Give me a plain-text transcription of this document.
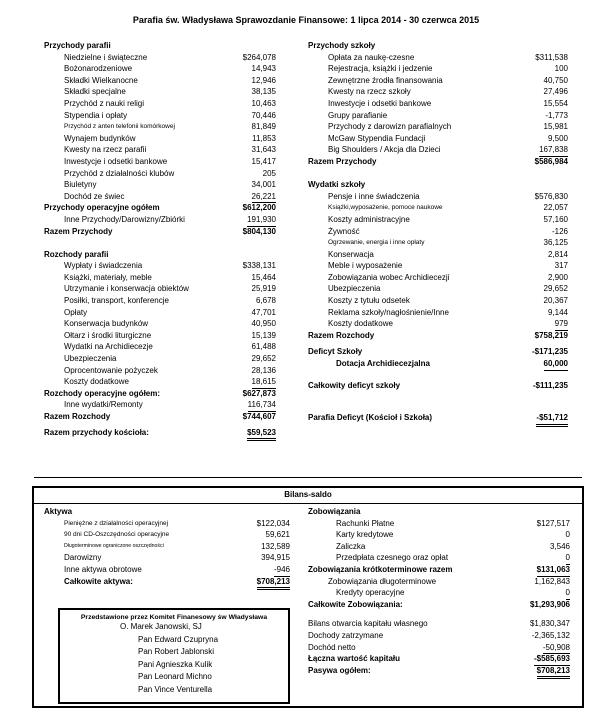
Parafia św. Władysława Sprawozdanie Finansowe: 1 lipca 2014 - 30 czerwca 2015
Przychody parafii
Niedzielne i świąteczne	$264,078
Bożonarodzeniowe	14,943
Składki Wielkanocne	12,946
Składki specjalne	38,135
Przychód z nauki religi	10,463
Stypendia i opłaty	70,446
Przychód z anten telefonii komórkowej	81,849
Wynajem budynków	11,853
Kwesty na rzecz parafii	31,643
Inwestycje i odsetki bankowe	15,417
Przychód z działalności klubów	205
Biuletyny	34,001
Dochód ze świec	26,221
Przychody operacyjne ogółem	$612,200
Inne Przychody/Darowizny/Zbiórki	191,930
Razem Przychody	$804,130
Rozchody parafii
Wypłaty i świadczenia	$338,131
Książki, materiały, meble	15,464
Utrzymanie i konserwacja obiektów	25,919
Posiłki, transport, konferencje	6,678
Opłaty	47,701
Konserwacja budynków	40,950
Ołtarz i środki liturgiczne	15,139
Wydatki na Archidiecezje	61,488
Ubezpieczenia	29,652
Oprocentowanie pożyczek	28,136
Koszty dodatkowe	18,615
Rozchody operacyjne ogółem:	$627,873
Inne wydatki/Remonty	116,734
Razem Rozchody	$744,607
Razem przychody kościoła:	$59,523
Przychody szkoły
Opłata za naukę-czesne	$311,538
Rejestracja, książki i jedzenie	100
Zewnętrzne źrodła finansowania	40,750
Kwesty na rzecz szkoły	27,496
Inwestycje i odsetki bankowe	15,554
Grupy parafianie	-1,773
Przychody z darowizn parafialnych	15,981
McGaw Stypendia Fundacji	9,500
Big Shoulders / Akcja dla Dzieci	167,838
Razem Przychody	$586,984
Wydatki szkoły
Pensje i inne świadczenia	$576,830
Książki,wyposażenie, pomoce naukowe	22,057
Koszty administracyjne	57,160
Żywność	-126
Ogrzewanie, energia i inne opłaty	36,125
Konserwacja	2,814
Meble i wyposażenie	317
Zobowiązania wobec Archidiecezji	2,900
Ubezpieczenia	29,652
Koszty z tytułu odsetek	20,367
Reklama szkoły/nagłośnienie/Inne	9,144
Koszty dodatkowe	979
Razem Rozchody	$758,219
Deficyt Szkoły	-$171,235
Dotacja Archidiecezjalna	60,000
Całkowity deficyt szkoły	-$111,235
Parafia Deficyt (Kościoł i Szkoła)	-$51,712
Bilans-saldo
Aktywa
Pieniężne z działalności operacyjnej	$122,034
90 dni CD-Oszczędności operacyjne	59,621
Długoterminowe ograniczone oszczędności	132,589
Darowizny	394,915
Inne aktywa obrotowe	-946
Całkowite aktywa:	$708,213
Zobowiązania
Rachunki Płatne	$127,517
Karty kredytowe	0
Zaliczka	3,546
Przedpłata czesnego oraz opłat	0
Zobowiązania krótkoterminowe razem	$131,063
Zobowiązania długoterminowe	1,162,843
Kredyty operacyjne	0
Całkowite Zobowiązania:	$1,293,906
Bilans otwarcia kapitału własnego	$1,830,347
Dochody zatrzymane	-2,365,132
Dochód netto	-50,908
Łączna wartość kapitału	-$585,693
Pasywa ogółem:	$708,213
Przedstawione przez Komitet Finanesowy św Władysława
O. Marek Janowski, SJ
Pan Edward Czupryna
Pan Robert Jablonski
Pani Agnieszka Kulik
Pan Leonard Michno
Pan Vince Venturella
